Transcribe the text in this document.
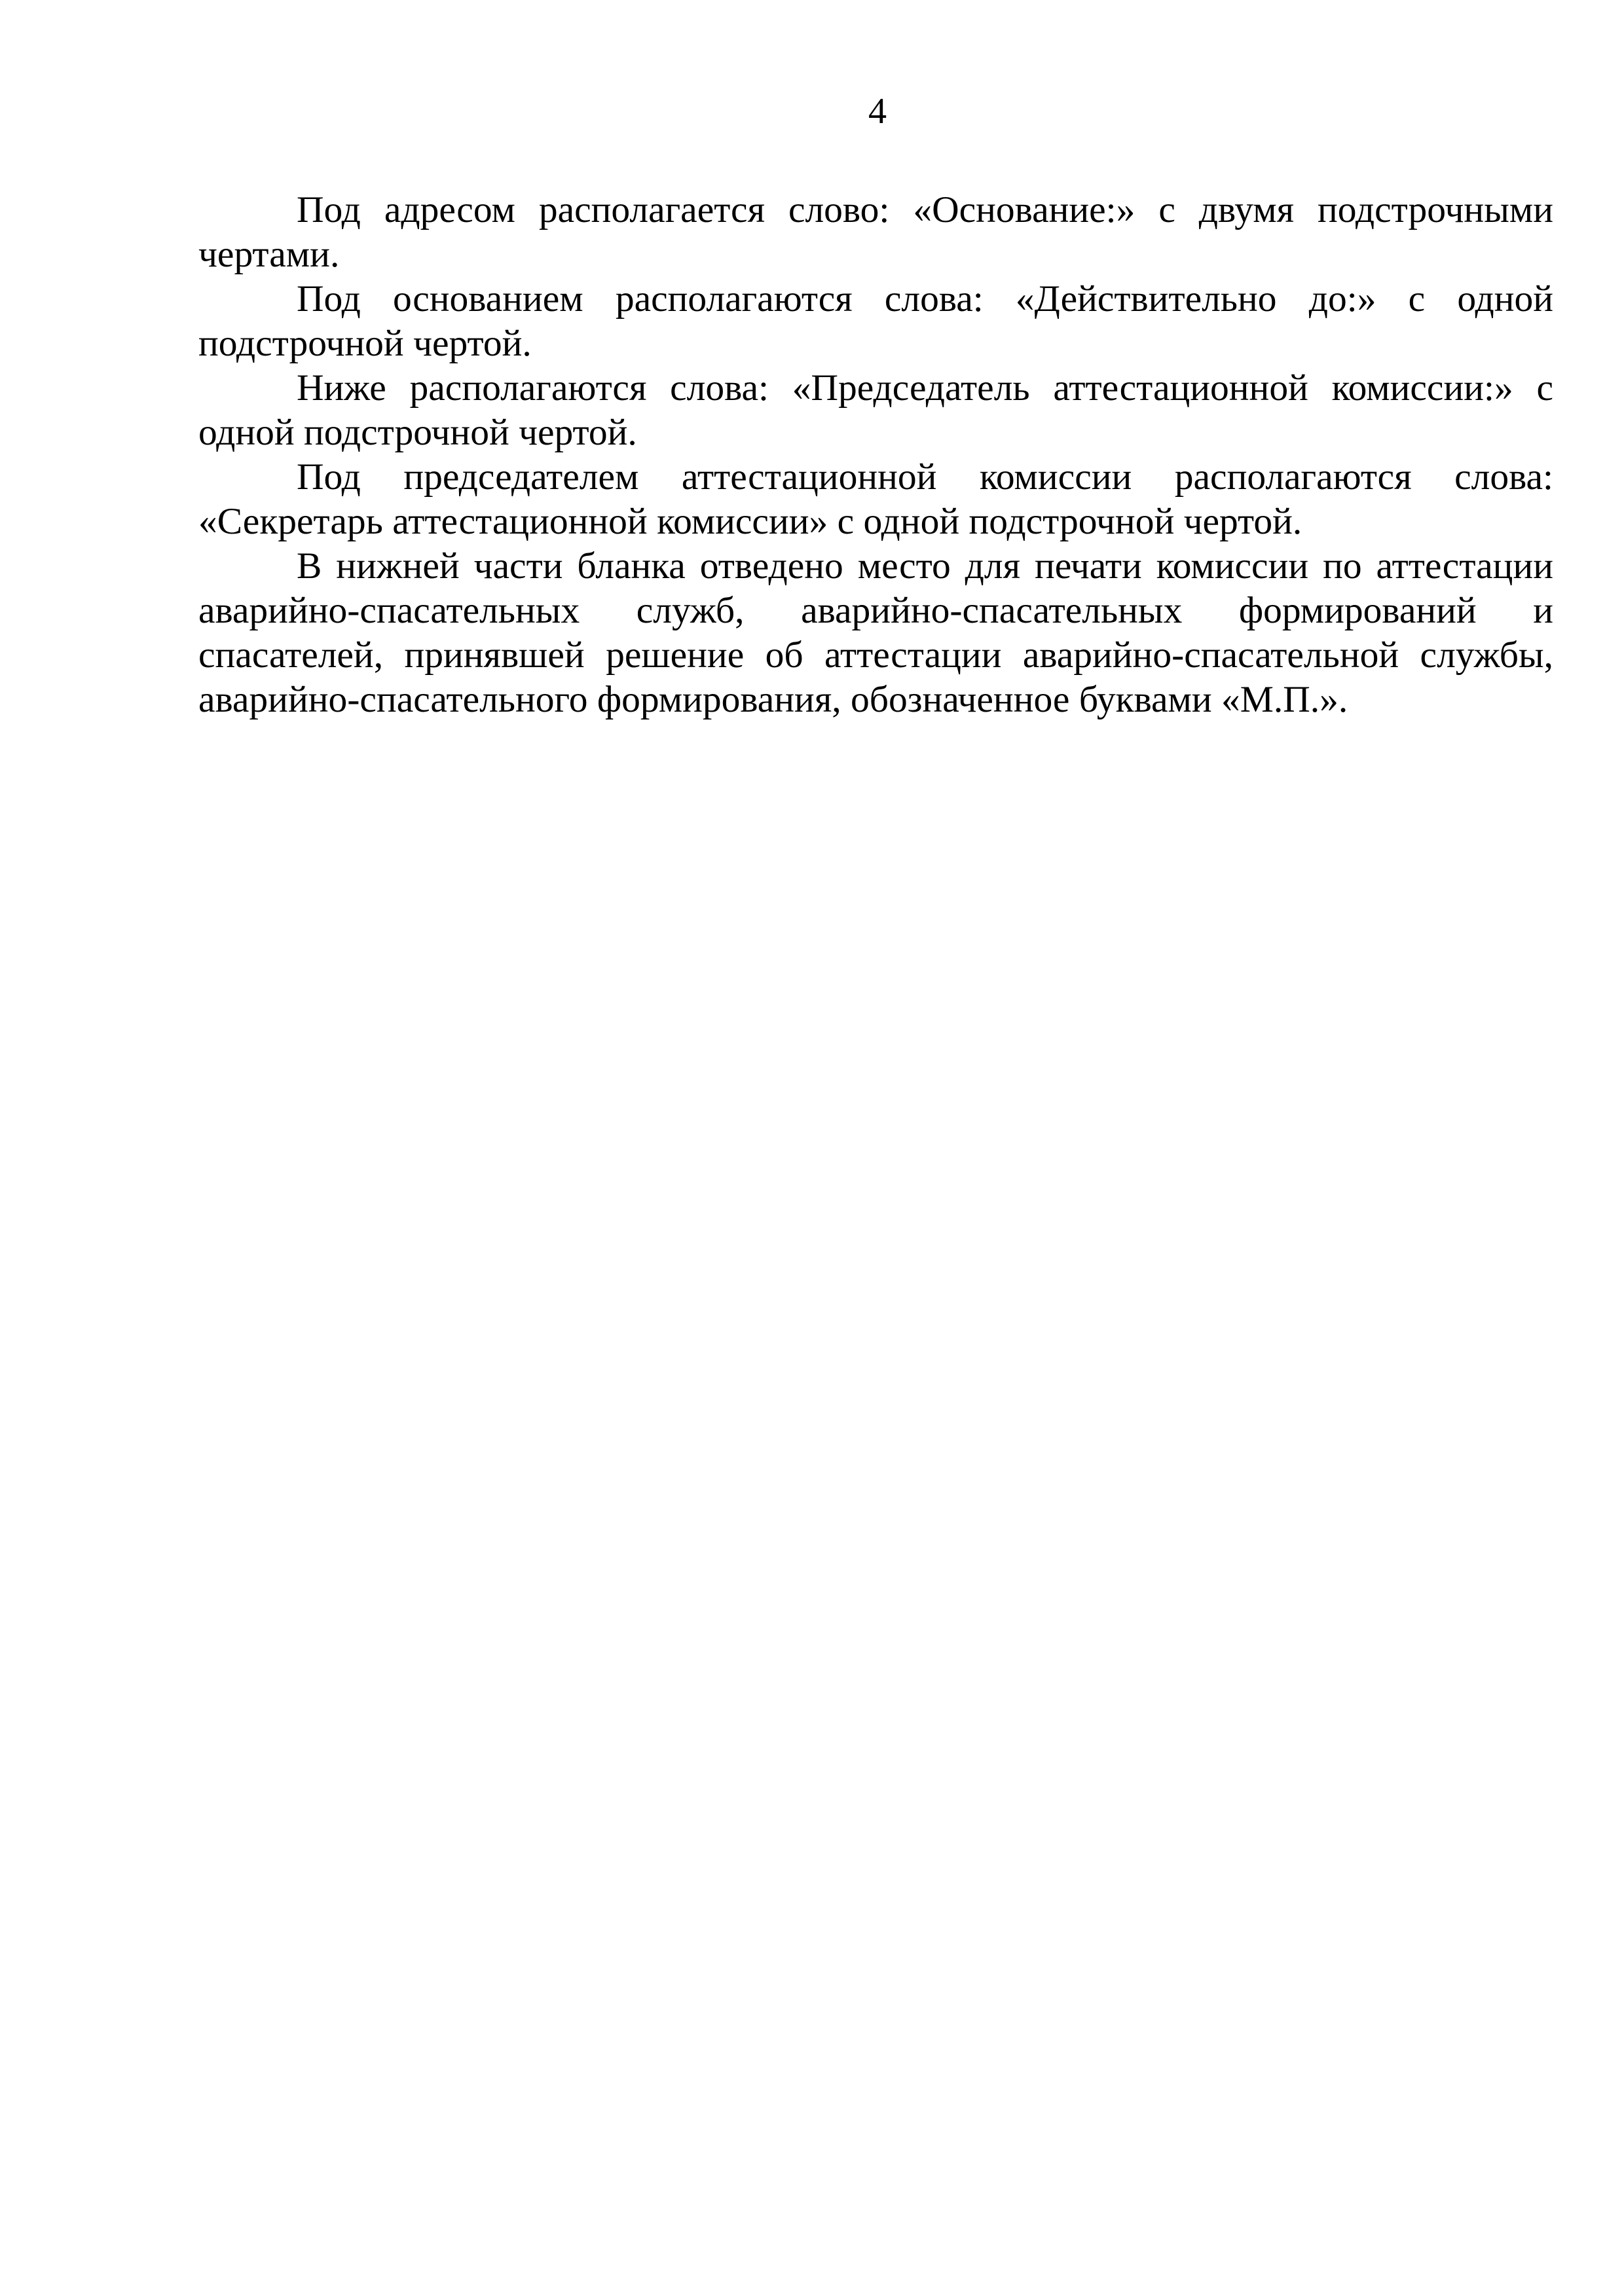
4

Под адресом располагается слово: «Основание:» с двумя подстрочными чертами.

Под основанием располагаются слова: «Действительно до:» с одной подстрочной чертой.

Ниже располагаются слова: «Председатель аттестационной комиссии:» с одной подстрочной чертой.

Под председателем аттестационной комиссии располагаются слова: «Секретарь аттестационной комиссии» с одной подстрочной чертой.

В нижней части бланка отведено место для печати комиссии по аттестации аварийно-спасательных служб, аварийно-спасательных формирований и спасателей, принявшей решение об аттестации аварийно-спасательной службы, аварийно-спасательного формирования, обозначенное буквами «М.П.».
